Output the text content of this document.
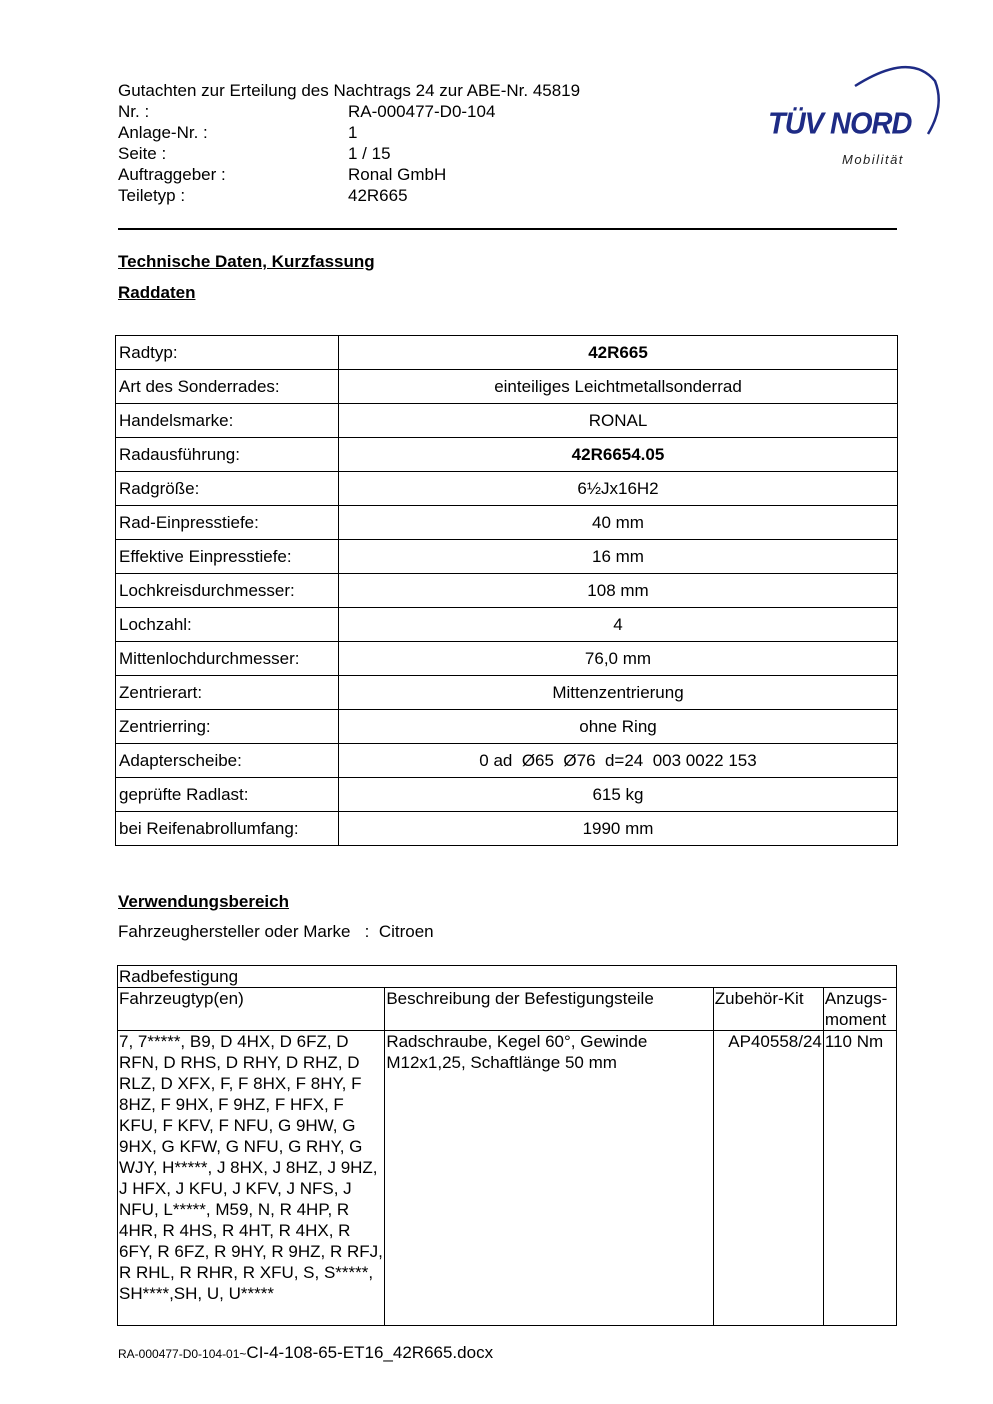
Gutachten zur Erteilung des Nachtrags 24 zur ABE-Nr. 45819
Nr. :	RA-000477-D0-104
Anlage-Nr. :	1
Seite :	1 / 15
Auftraggeber :	Ronal GmbH
Teiletyp :	42R665
TÜV NORD
Mobilität
Technische Daten, Kurzfassung
Raddaten
Radtyp:	42R665
Art des Sonderrades:	einteiliges Leichtmetallsonderrad
Handelsmarke:	RONAL
Radausführung:	42R6654.05
Radgröße:	6½Jx16H2
Rad-Einpresstiefe:	40 mm
Effektive Einpresstiefe:	16 mm
Lochkreisdurchmesser:	108 mm
Lochzahl:	4
Mittenlochdurchmesser:	76,0 mm
Zentrierart:	Mittenzentrierung
Zentrierring:	ohne Ring
Adapterscheibe:	0 ad  Ø65  Ø76  d=24  003 0022 153
geprüfte Radlast:	615 kg
bei Reifenabrollumfang:	1990 mm
Verwendungsbereich
Fahrzeughersteller oder Marke : Citroen
Radbefestigung			
Fahrzeugtyp(en)	Beschreibung der Befestigungsteile	Zubehör-Kit	Anzugs-moment
7, 7*****, B9, D 4HX, D 6FZ, D RFN, D RHS, D RHY, D RHZ, D RLZ, D XFX, F, F 8HX, F 8HY, F 8HZ, F 9HX, F 9HZ, F HFX, F KFU, F KFV, F NFU, G 9HW, G 9HX, G KFW, G NFU, G RHY, G WJY, H*****, J 8HX, J 8HZ, J 9HZ, J HFX, J KFU, J KFV, J NFS, J NFU, L*****, M59, N, R 4HP, R 4HR, R 4HS, R 4HT, R 4HX, R 6FY, R 6FZ, R 9HY, R 9HZ, R RFJ, R RHL, R RHR, R XFU, S, S*****, SH****,SH, U, U*****	Radschraube, Kegel 60°, Gewinde M12x1,25, Schaftlänge 50 mm	AP40558/24	110 Nm
RA-000477-D0-104-01~CI-4-108-65-ET16_42R665.docx
